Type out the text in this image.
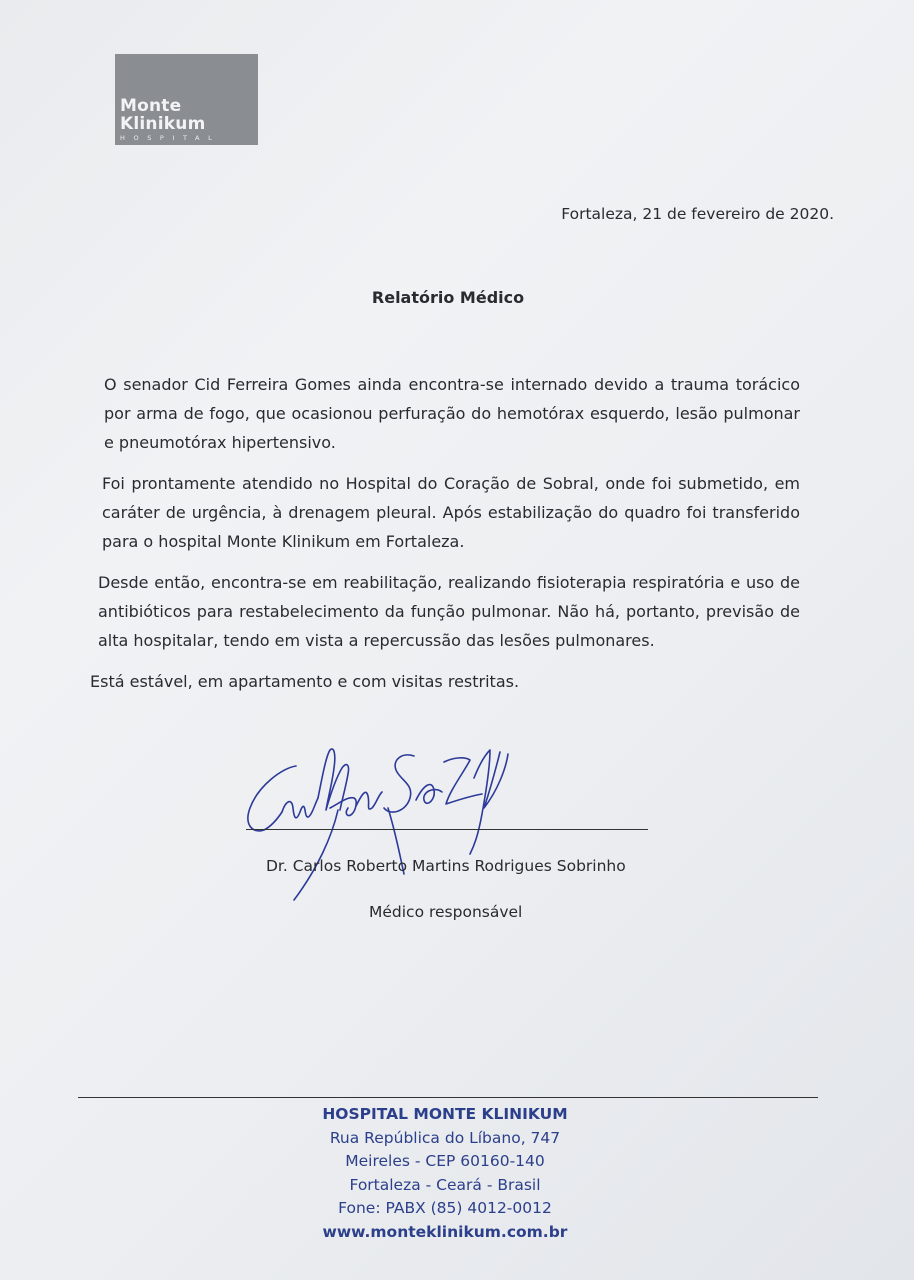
Monte
Klinikum
HOSPITAL
Fortaleza, 21 de fevereiro de 2020.
Relatório Médico

O senador Cid Ferreira Gomes ainda encontra-se internado devido a trauma torácico por arma de fogo, que ocasionou perfuração do hemotórax esquerdo, lesão pulmonar e pneumotórax hipertensivo.

Foi prontamente atendido no Hospital do Coração de Sobral, onde foi submetido, em caráter de urgência, à drenagem pleural. Após estabilização do quadro foi transferido para o hospital Monte Klinikum em Fortaleza.

Desde então, encontra-se em reabilitação, realizando fisioterapia respiratória e uso de antibióticos para restabelecimento da função pulmonar. Não há, portanto, previsão de alta hospitalar, tendo em vista a repercussão das lesões pulmonares.

Está estável, em apartamento e com visitas restritas.

Dr. Carlos Roberto Martins Rodrigues Sobrinho
Médico responsável
HOSPITAL MONTE KLINIKUM
Rua República do Líbano, 747
Meireles - CEP 60160-140
Fortaleza - Ceará - Brasil
Fone: PABX (85) 4012-0012
www.monteklinikum.com.br
